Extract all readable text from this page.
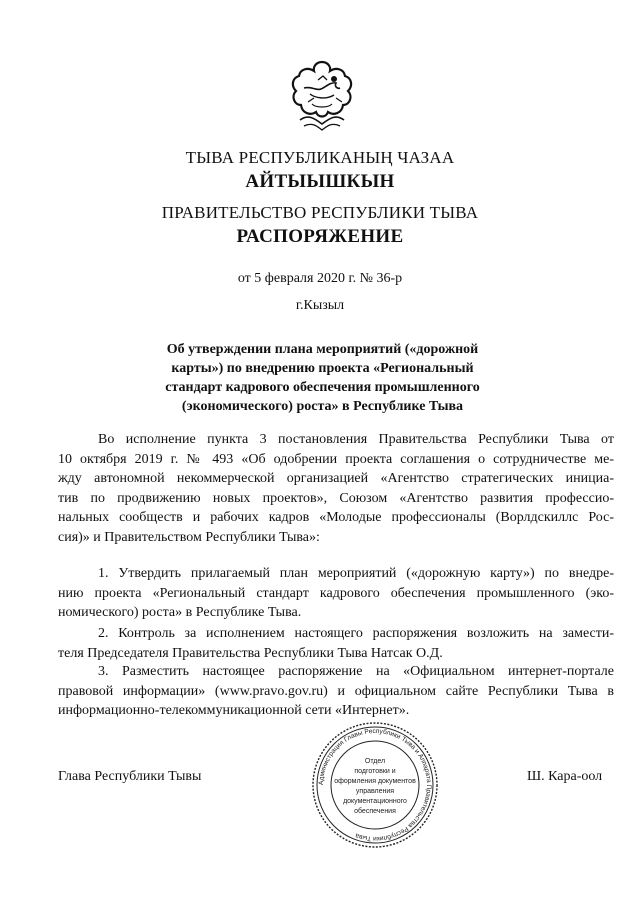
ТЫВА РЕСПУБЛИКАНЫҢ ЧАЗАА
АЙТЫЫШКЫН
ПРАВИТЕЛЬСТВО РЕСПУБЛИКИ ТЫВА
РАСПОРЯЖЕНИЕ
от 5 февраля 2020 г. № 36-р
г.Кызыл
Об утверждении плана мероприятий («дорожной
карты») по внедрению проекта «Региональный
стандарт кадрового обеспечения промышленного
(экономического) роста» в Республике Тыва
Во исполнение пункта 3 постановления Правительства Республики Тыва от
10 октября 2019 г. № 493 «Об одобрении проекта соглашения о сотрудничестве ме-
жду автономной некоммерческой организацией «Агентство стратегических инициа-
тив по продвижению новых проектов», Союзом «Агентство развития профессио-
нальных сообществ и рабочих кадров «Молодые профессионалы (Ворлдскиллс Рос-
сия)» и Правительством Республики Тыва»:
1. Утвердить прилагаемый план мероприятий («дорожную карту») по внедре-
нию проекта «Региональный стандарт кадрового обеспечения промышленного (эко-
номического) роста» в Республике Тыва.
2. Контроль за исполнением настоящего распоряжения возложить на замести-
теля Председателя Правительства Республики Тыва Натсак О.Д.
3. Разместить настоящее распоряжение на «Официальном интернет-портале
правовой информации» (www.pravo.gov.ru) и официальном сайте Республики Тыва в
информационно-телекоммуникационной сети «Интернет».
Глава Республики Тывы	Ш. Кара-оол
Администрация Главы Республики Тыва и Аппарата Правительства Республики Тыва
Отдел
подготовки и
оформления документов
управления
документационного
обеспечения
